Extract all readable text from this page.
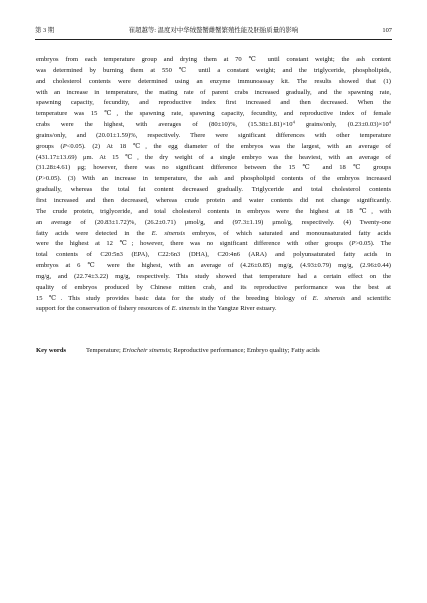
第 3 期	崔超越等: 温度对中华绒螯蟹雌蟹繁殖性能及胚胎质量的影响	107
embryos from each temperature group and drying them at 70 ℃ until constant weight; the ash content
was determined by burning them at 550 ℃ until a constant weight; and the triglyceride, phospholipids,
and cholesterol contents were determined using an enzyme immunoassay kit. The results showed that (1)
with an increase in temperature, the mating rate of parent crabs increased gradually, and the spawning rate,
spawning capacity, fecundity, and reproductive index first increased and then decreased. When the
temperature was 15 ℃, the spawning rate, spawning capacity, fecundity, and reproductive index of female
crabs were the highest, with averages of (80±10)%, $(15.38\pm 1.81)\times 10^4$ grains/only, $(0.23\pm 0.03)\times 10^4$
grains/only, and (20.01±1.59)%, respectively. There were significant differences with other temperature
groups (P<0.05). (2) At 18 ℃, the egg diameter of the embryos was the largest, with an average of
(431.17±13.69) μm. At 15 ℃, the dry weight of a single embryo was the heaviest, with an average of
(31.28±4.61) μg; however, there was no significant difference between the 15 ℃ and 18 ℃ groups
(P>0.05). (3) With an increase in temperature, the ash and phospholipid contents of the embryos increased
gradually, whereas the total fat content decreased gradually. Triglyceride and total cholesterol contents
first increased and then decreased, whereas crude protein and water contents did not change significantly.
The crude protein, triglyceride, and total cholesterol contents in embryos were the highest at 18 ℃, with
an average of (20.83±1.72)%, (26.2±0.71) μmol/g, and (97.3±1.19) μmol/g, respectively. (4) Twenty-one
fatty acids were detected in the E. sinensis embryos, of which saturated and monounsaturated fatty acids
were the highest at 12 ℃; however, there was no significant difference with other groups (P>0.05). The
total contents of C20:5n3 (EPA), C22:6n3 (DHA), C20:4n6 (ARA) and polyunsaturated fatty acids in
embryos at 6 ℃ were the highest, with an average of (4.26±0.85) mg/g, (4.93±0.79) mg/g, (2.96±0.44)
mg/g, and (22.74±3.22) mg/g, respectively. This study showed that temperature had a certain effect on the
quality of embryos produced by Chinese mitten crab, and its reproductive performance was the best at
15 ℃. This study provides basic data for the study of the breeding biology of E. sinensis and scientific
support for the conservation of fishery resources of E. sinensis in the Yangtze River estuary.
Key words	Temperature; Eriocheir sinensis; Reproductive performance; Embryo quality; Fatty acids
